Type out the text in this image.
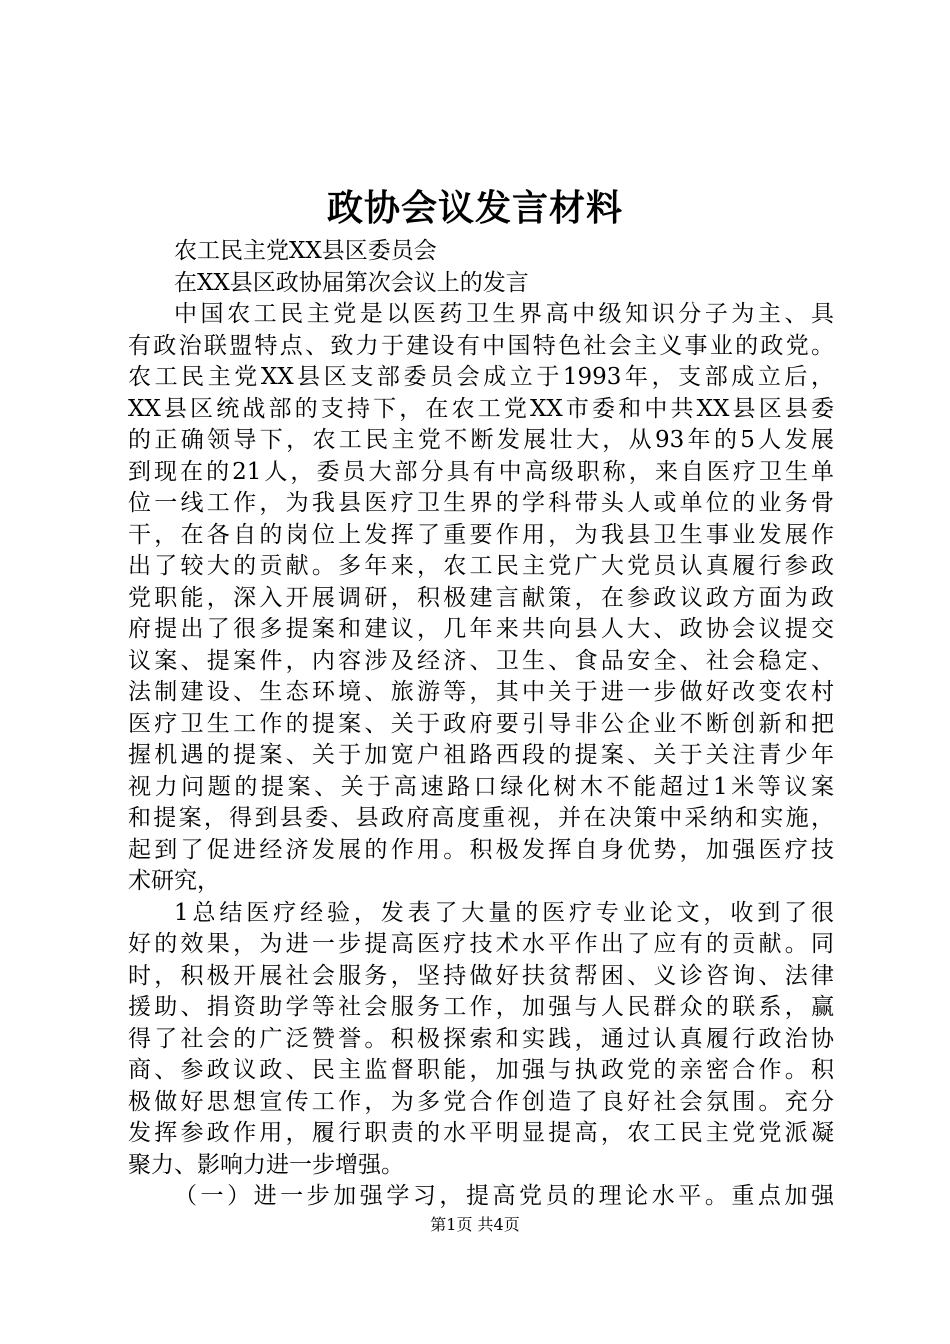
政协会议发言材料
农工民主党XX县区委员会
在XX县区政协届第次会议上的发言
中国农工民主党是以医药卫生界高中级知识分子为主、具
有政治联盟特点、致力于建设有中国特色社会主义事业的政党。
农工民主党XX县区支部委员会成立于1993年，支部成立后，
XX县区统战部的支持下，在农工党XX市委和中共XX县区县委
的正确领导下，农工民主党不断发展壮大，从93年的5人发展
到现在的21人，委员大部分具有中高级职称，来自医疗卫生单
位一线工作，为我县医疗卫生界的学科带头人或单位的业务骨
干，在各自的岗位上发挥了重要作用，为我县卫生事业发展作
出了较大的贡献。多年来，农工民主党广大党员认真履行参政
党职能，深入开展调研，积极建言献策，在参政议政方面为政
府提出了很多提案和建议，几年来共向县人大、政协会议提交
议案、提案件，内容涉及经济、卫生、食品安全、社会稳定、
法制建设、生态环境、旅游等，其中关于进一步做好改变农村
医疗卫生工作的提案、关于政府要引导非公企业不断创新和把
握机遇的提案、关于加宽户祖路西段的提案、关于关注青少年
视力问题的提案、关于高速路口绿化树木不能超过1米等议案
和提案，得到县委、县政府高度重视，并在决策中采纳和实施，
起到了促进经济发展的作用。积极发挥自身优势，加强医疗技
术研究，
1总结医疗经验，发表了大量的医疗专业论文，收到了很
好的效果，为进一步提高医疗技术水平作出了应有的贡献。同
时，积极开展社会服务，坚持做好扶贫帮困、义诊咨询、法律
援助、捐资助学等社会服务工作，加强与人民群众的联系，赢
得了社会的广泛赞誉。积极探索和实践，通过认真履行政治协
商、参政议政、民主监督职能，加强与执政党的亲密合作。积
极做好思想宣传工作，为多党合作创造了良好社会氛围。充分
发挥参政作用，履行职责的水平明显提高，农工民主党党派凝
聚力、影响力进一步增强。
（一）进一步加强学习，提高党员的理论水平。重点加强
第1页 共4页
